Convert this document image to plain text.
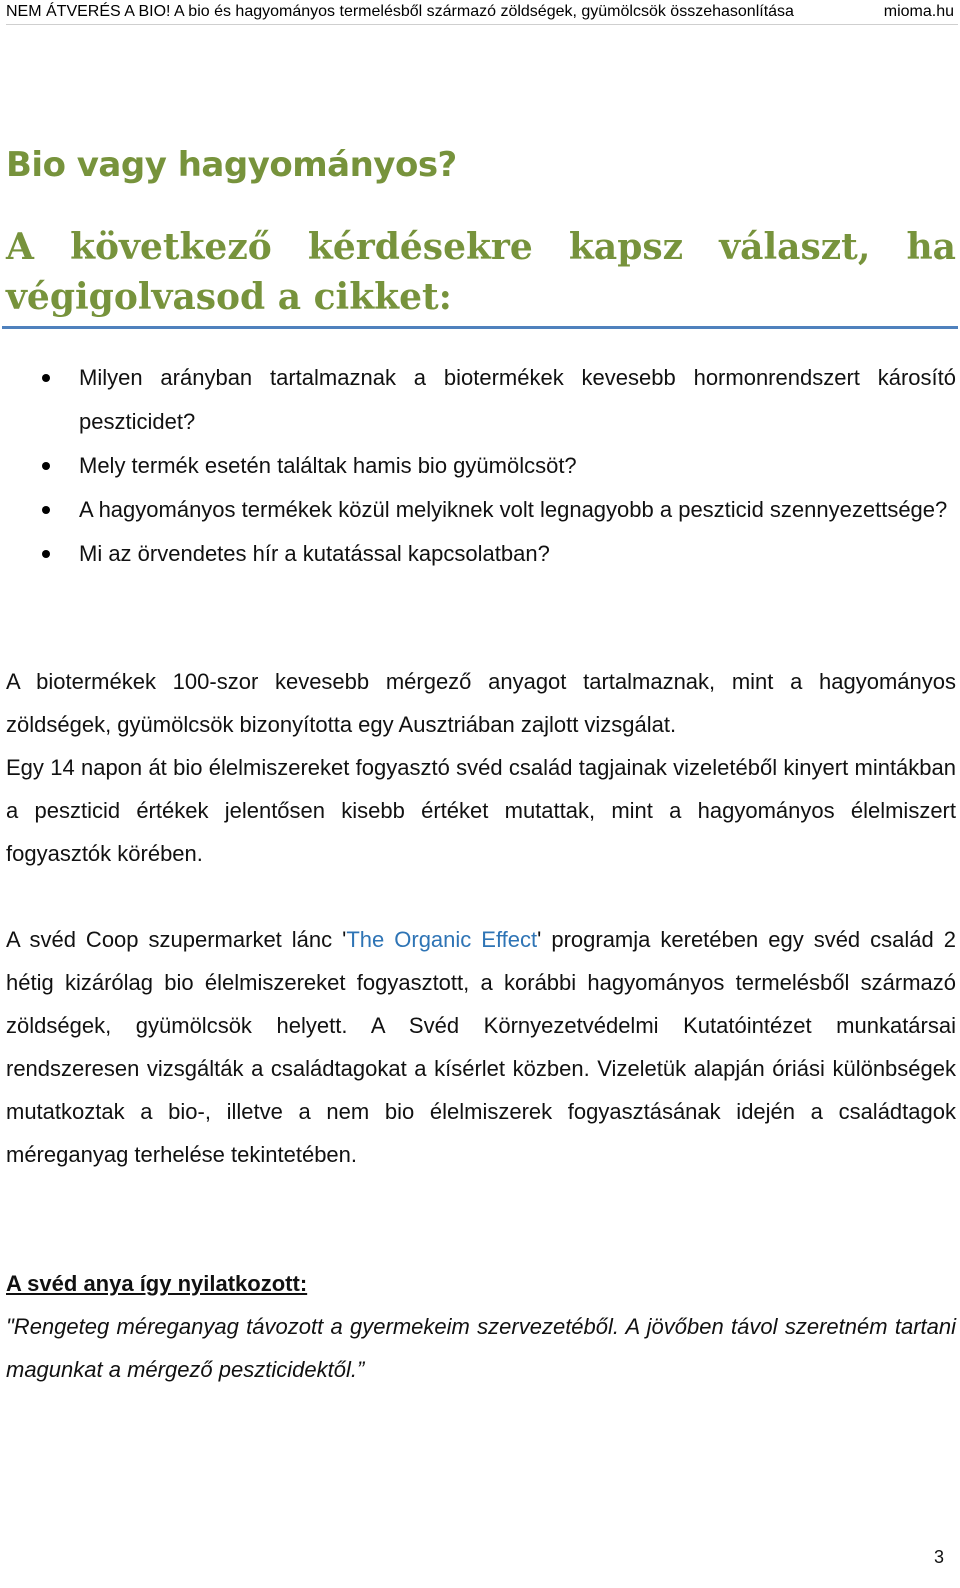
NEM ÁTVERÉS A BIO! A bio és hagyományos termelésből származó zöldségek, gyümölcsök összehasonlítása	mioma.hu
Bio vagy hagyományos?
A következő kérdésekre kapsz választ, ha végigolvasod a cikket:
Milyen arányban tartalmaznak a biotermékek kevesebb hormonrendszert károsító peszticidet?
Mely termék esetén találtak hamis bio gyümölcsöt?
A hagyományos termékek közül melyiknek volt legnagyobb a peszticid szennyezettsége?
Mi az örvendetes hír a kutatással kapcsolatban?

A biotermékek 100-szor kevesebb mérgező anyagot tartalmaznak, mint a hagyományos zöldségek, gyümölcsök bizonyította egy Ausztriában zajlott vizsgálat.

Egy 14 napon át bio élelmiszereket fogyasztó svéd család tagjainak vizeletéből kinyert mintákban a peszticid értékek jelentősen kisebb értéket mutattak, mint a hagyományos élelmiszert fogyasztók körében.

A svéd Coop szupermarket lánc 'The Organic Effect' programja keretében egy svéd család 2 hétig kizárólag bio élelmiszereket fogyasztott, a korábbi hagyományos termelésből származó zöldségek, gyümölcsök helyett. A Svéd Környezetvédelmi Kutatóintézet munkatársai rendszeresen vizsgálták a családtagokat a kísérlet közben. Vizeletük alapján óriási különbségek mutatkoztak a bio-, illetve a nem bio élelmiszerek fogyasztásának idején a családtagok méreganyag terhelése tekintetében.

A svéd anya így nyilatkozott:

"Rengeteg méreganyag távozott a gyermekeim szervezetéből. A jövőben távol szeretném tartani magunkat a mérgező peszticidektől.”

3
